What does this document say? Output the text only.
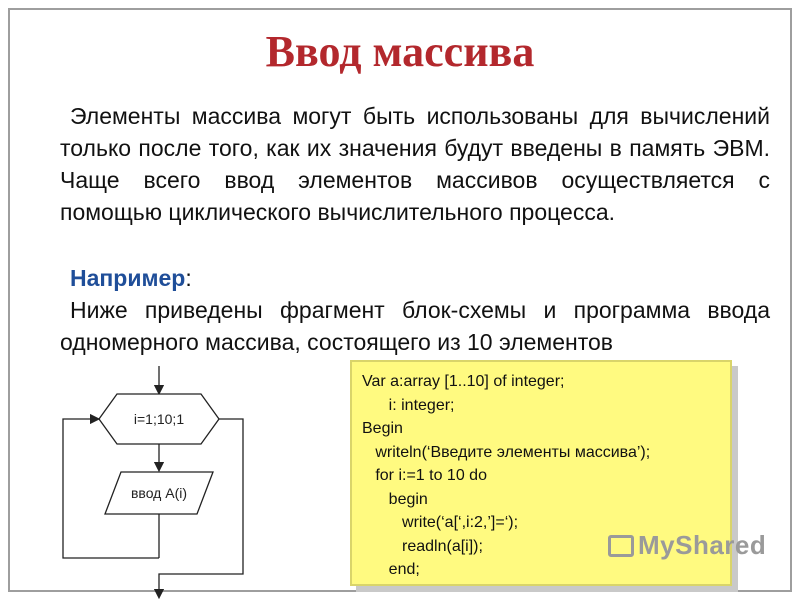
Ввод массива
Элементы массива могут быть использованы для вычислений только после того, как их значения будут введены в память ЭВМ. Чаще всего ввод элементов массивов осуществляется с помощью циклического вычислительного процесса.
Например:
Ниже приведены фрагмент блок-схемы и программа ввода одномерного массива, состоящего из 10 элементов
i=1;10;1
ввод A(i)
Var a:array [1..10] of integer;
i: integer;
Begin
writeln(‘Введите элементы массива’);
for i:=1 to 10 do
begin
write(‘a[‘,i:2,’]=‘);
readln(a[i]);
end;
MyShared
